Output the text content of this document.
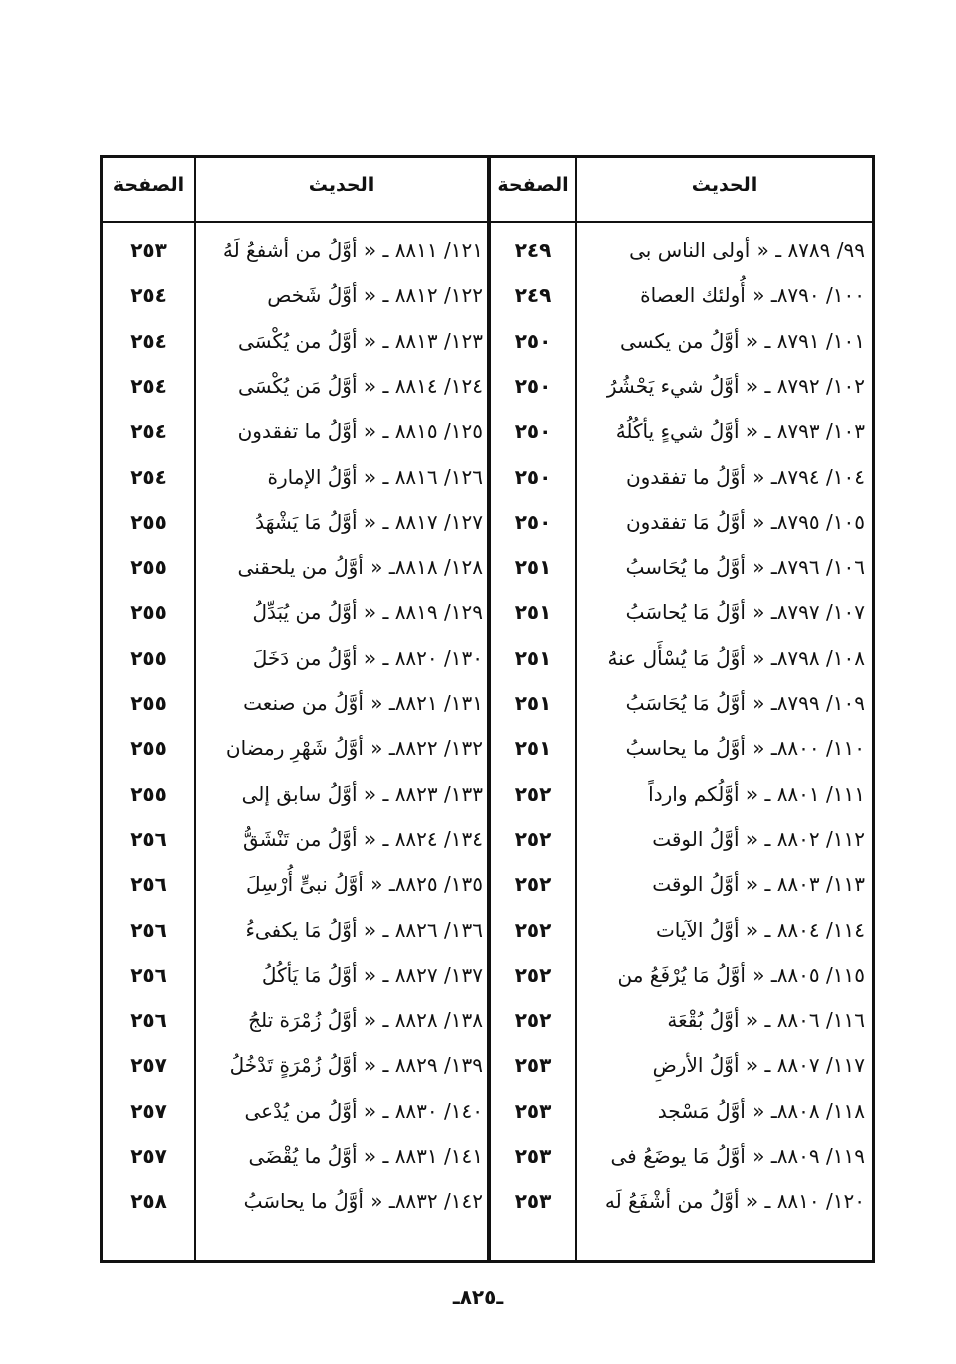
الصفحة	الحديث	الصفحة	الحديث
٢٥٣	١٢١/ ٨٨١١ ـ « أوَّلُ من أشفعُ لَهُ	٢٤٩	٩٩/ ٨٧٨٩ ـ « أولى الناس بى
٢٥٤	١٢٢/ ٨٨١٢ ـ « أوَّلُ شَخص	٢٤٩	١٠٠/ ٨٧٩٠ـ « أُولئك العصاة
٢٥٤	١٢٣/ ٨٨١٣ ـ « أوَّلُ من يُكْسَى	٢٥٠	١٠١/ ٨٧٩١ ـ « أوَّلُ من يكسى
٢٥٤	١٢٤/ ٨٨١٤ ـ « أوَّلُ مَن يُكْسَى	٢٥٠	١٠٢/ ٨٧٩٢ ـ « أوَّلُ شيء يَحْشُرُ
٢٥٤	١٢٥/ ٨٨١٥ ـ « أوَّلُ ما تفقدون	٢٥٠	١٠٣/ ٨٧٩٣ ـ « أوَّلُ شيءٍ يأكُلُهُ
٢٥٤	١٢٦/ ٨٨١٦ ـ « أوَّلُ الإمارة	٢٥٠	١٠٤/ ٨٧٩٤ـ « أوَّلُ ما تفقدون
٢٥٥	١٢٧/ ٨٨١٧ ـ « أوَّلُ مَا يَشْهَدُ	٢٥٠	١٠٥/ ٨٧٩٥ـ « أوَّلُ مَا تفقدون
٢٥٥	١٢٨/ ٨٨١٨ـ « أوَّلُ من يلحقنى	٢٥١	١٠٦/ ٨٧٩٦ـ « أوَّلُ ما يُحَاسبُ
٢٥٥	١٢٩/ ٨٨١٩ ـ « أوَّلُ من يُبَدِّلُ	٢٥١	١٠٧/ ٨٧٩٧ـ « أوَّلُ مَا يُحاسَبُ
٢٥٥	١٣٠/ ٨٨٢٠ ـ « أوَّلُ من دَخَلَ	٢٥١	١٠٨/ ٨٧٩٨ـ « أوَّلُ مَا يُسْأَل عنهُ
٢٥٥	١٣١/ ٨٨٢١ـ « أوَّلُ من صنعت	٢٥١	١٠٩/ ٨٧٩٩ـ « أوَّلُ مَا يُحَاسَبُ
٢٥٥	١٣٢/ ٨٨٢٢ـ « أوَّلُ شَهْرِ رمضان	٢٥١	١١٠/ ٨٨٠٠ـ « أوَّلُ ما يحاسبُ
٢٥٥	١٣٣/ ٨٨٢٣ ـ « أوَّلُ سابق إلى	٢٥٢	١١١/ ٨٨٠١ ـ « أوَّلُكم وارداً
٢٥٦	١٣٤/ ٨٨٢٤ ـ « أوَّلُ من تَنْشَقُّ	٢٥٢	١١٢/ ٨٨٠٢ ـ « أوَّلُ الوقت
٢٥٦	١٣٥/ ٨٨٢٥ـ « أوَّلُ نبىٍّ أُرْسِلَ	٢٥٢	١١٣/ ٨٨٠٣ ـ « أوَّلُ الوقت
٢٥٦	١٣٦/ ٨٨٢٦ ـ « أوَّلُ مَا يكفىءُ	٢٥٢	١١٤/ ٨٨٠٤ ـ « أوَّلُ الآيات
٢٥٦	١٣٧/ ٨٨٢٧ ـ « أوَّلُ مَا يَأكُلُ	٢٥٢	١١٥/ ٨٨٠٥ـ « أوَّلُ مَا يُرْفَعُ من
٢٥٦	١٣٨/ ٨٨٢٨ ـ « أوَّلُ زُمْرَة تلجُ	٢٥٢	١١٦/ ٨٨٠٦ ـ « أوَّلُ بُقْعَة
٢٥٧	١٣٩/ ٨٨٢٩ ـ « أوَّلُ زُمْرَةٍ تَدْخُلُ	٢٥٣	١١٧/ ٨٨٠٧ ـ « أوَّلُ الأرضِ
٢٥٧	١٤٠/ ٨٨٣٠ ـ « أوَّلُ من يُدْعى	٢٥٣	١١٨/ ٨٨٠٨ـ « أوَّلُ مَسْجد
٢٥٧	١٤١/ ٨٨٣١ ـ « أوَّلُ ما يُقْضَى	٢٥٣	١١٩/ ٨٨٠٩ـ « أوَّلُ مَا يوضَعُ فى
٢٥٨	١٤٢/ ٨٨٣٢ـ « أوَّلُ ما يحاسَبُ	٢٥٣	١٢٠/ ٨٨١٠ ـ « أوَّلُ من أشْفَعُ لَه
ـ٨٢٥ـ
